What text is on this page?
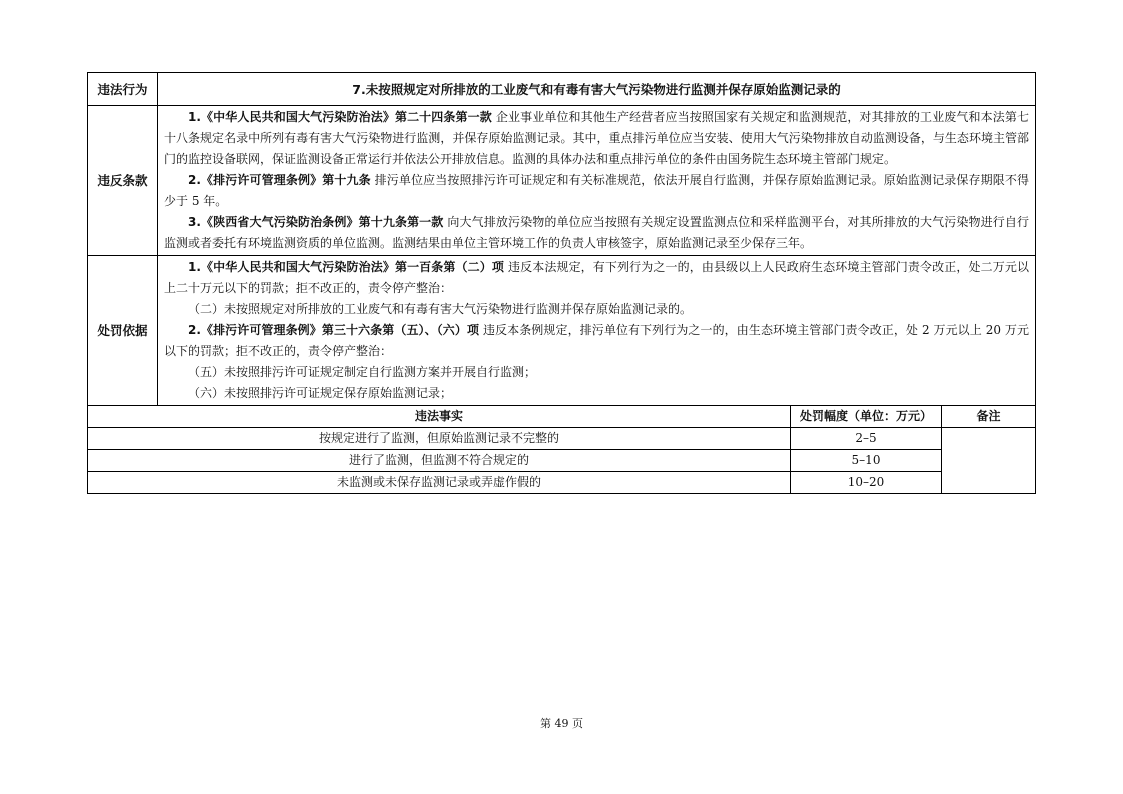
违法行为	7.未按照规定对所排放的工业废气和有毒有害大气污染物进行监测并保存原始监测记录的		
违反条款	1.《中华人民共和国大气污染防治法》第二十四条第一款 企业事业单位和其他生产经营者应当按照国家有关规定和监测规范，对其排放的工业废气和本法第七十八条规定名录中所列有毒有害大气污染物进行监测，并保存原始监测记录。其中，重点排污单位应当安装、使用大气污染物排放自动监测设备，与生态环境主管部门的监控设备联网，保证监测设备正常运行并依法公开排放信息。监测的具体办法和重点排污单位的条件由国务院生态环境主管部门规定。

2.《排污许可管理条例》第十九条 排污单位应当按照排污许可证规定和有关标准规范，依法开展自行监测，并保存原始监测记录。原始监测记录保存期限不得少于 5 年。

3.《陕西省大气污染防治条例》第十九条第一款 向大气排放污染物的单位应当按照有关规定设置监测点位和采样监测平台，对其所排放的大气污染物进行自行监测或者委托有环境监测资质的单位监测。监测结果由单位主管环境工作的负责人审核签字，原始监测记录至少保存三年。		

处罚依据	1.《中华人民共和国大气污染防治法》第一百条第（二）项 违反本法规定，有下列行为之一的，由县级以上人民政府生态环境主管部门责令改正，处二万元以上二十万元以下的罚款；拒不改正的，责令停产整治：

（二）未按照规定对所排放的工业废气和有毒有害大气污染物进行监测并保存原始监测记录的。

2.《排污许可管理条例》第三十六条第（五）、（六）项 违反本条例规定，排污单位有下列行为之一的，由生态环境主管部门责令改正，处 2 万元以上 20 万元以下的罚款；拒不改正的，责令停产整治：

（五）未按照排污许可证规定制定自行监测方案并开展自行监测；

（六）未按照排污许可证规定保存原始监测记录；		

违法事实		处罚幅度（单位：万元）	备注
按规定进行了监测，但原始监测记录不完整的		2–5	
进行了监测，但监测不符合规定的		5–10	
未监测或未保存监测记录或弄虚作假的		10–20	
第 49 页
